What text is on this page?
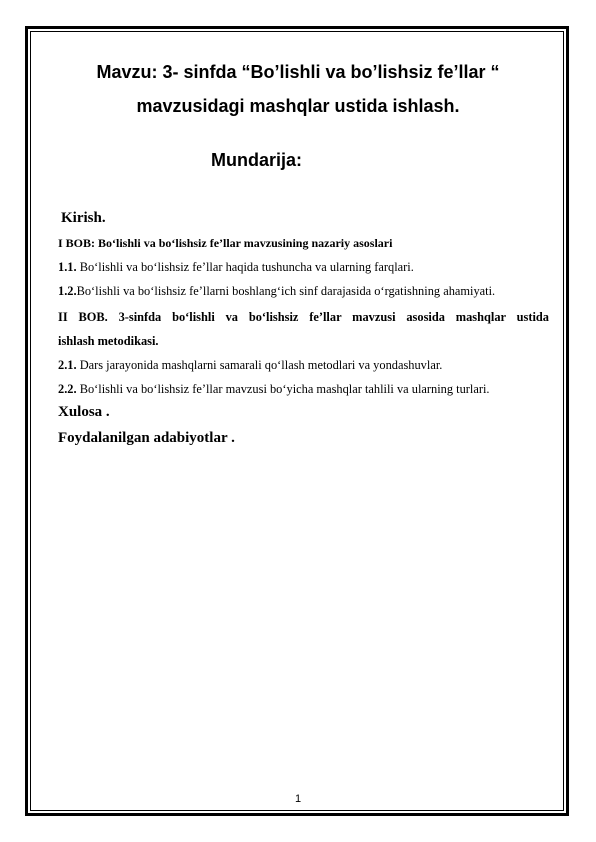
Mavzu: 3- sinfda “Bo’lishli va bo’lishsiz fe’llar “
mavzusidagi mashqlar ustida ishlash.
Mundarija:
Kirish.
I BOB: Bo‘lishli va bo‘lishsiz fe’llar mavzusining nazariy asoslari
1.1. Bo‘lishli va bo‘lishsiz fe’llar haqida tushuncha va ularning farqlari.
1.2.Bo‘lishli va bo‘lishsiz fe’llarni boshlang‘ich sinf darajasida o‘rgatishning ahamiyati.
II BOB. 3-sinfda bo‘lishli va bo‘lishsiz fe’llar mavzusi asosida mashqlar ustida
ishlash metodikasi.
2.1. Dars jarayonida mashqlarni samarali qo‘llash metodlari va yondashuvlar.
2.2. Bo‘lishli va bo‘lishsiz fe’llar mavzusi bo‘yicha mashqlar tahlili va ularning turlari.
Xulosa .
Foydalanilgan adabiyotlar .
1
